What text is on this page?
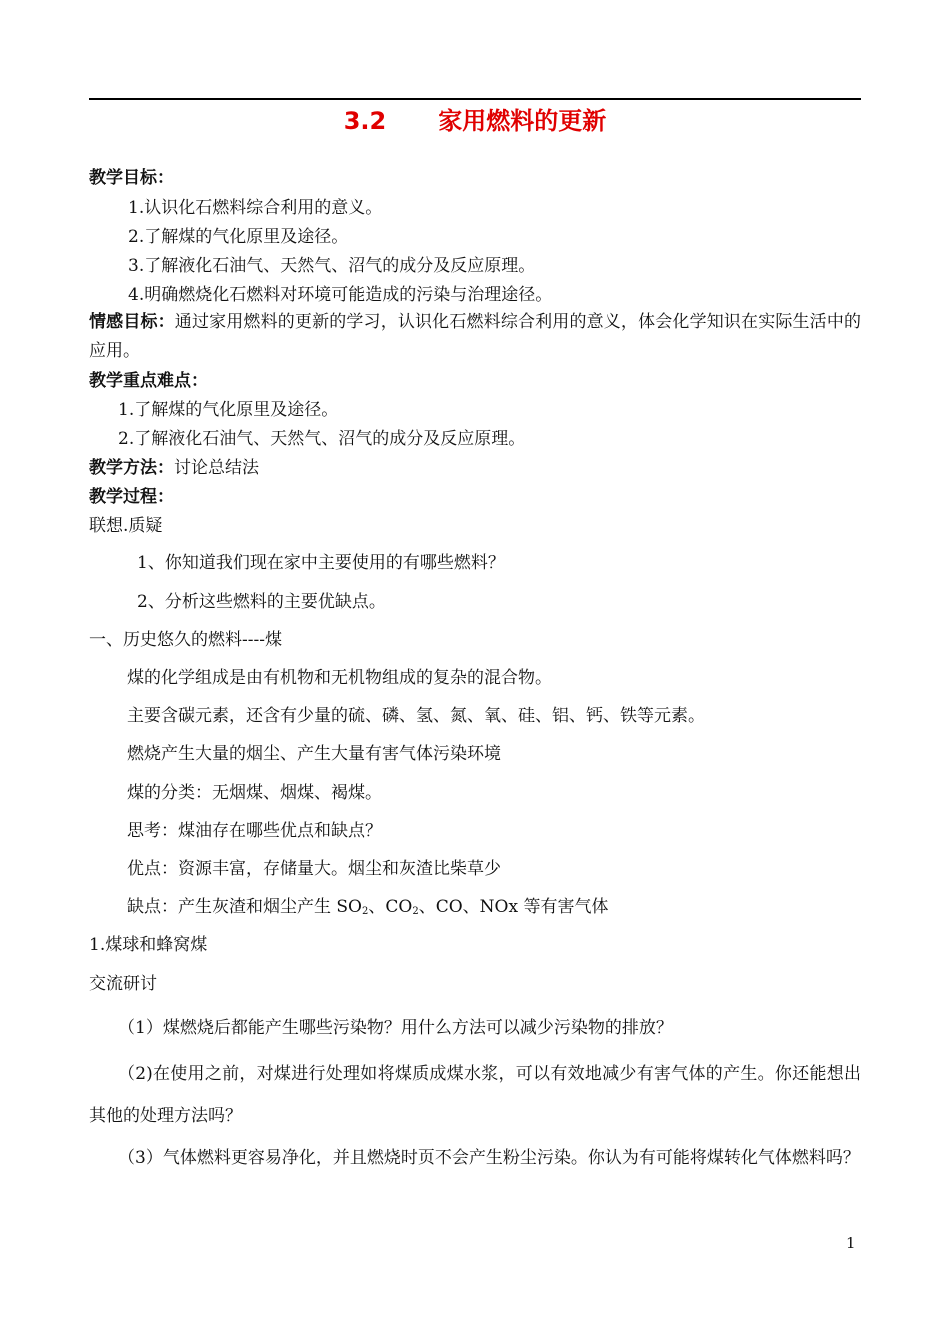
3.2 家用燃料的更新
教学目标：
1.认识化石燃料综合利用的意义。
2.了解煤的气化原里及途径。
3.了解液化石油气、天然气、沼气的成分及反应原理。
4.明确燃烧化石燃料对环境可能造成的污染与治理途径。
情感目标：通过家用燃料的更新的学习，认识化石燃料综合利用的意义，体会化学知识在实际生活中的应用。
教学重点难点：
1.了解煤的气化原里及途径。
2.了解液化石油气、天然气、沼气的成分及反应原理。
教学方法：讨论总结法
教学过程：
联想.质疑
1、你知道我们现在家中主要使用的有哪些燃料？
2、分析这些燃料的主要优缺点。
一、历史悠久的燃料----煤
煤的化学组成是由有机物和无机物组成的复杂的混合物。
主要含碳元素，还含有少量的硫、磷、氢、氮、氧、硅、铝、钙、铁等元素。
燃烧产生大量的烟尘、产生大量有害气体污染环境
煤的分类：无烟煤、烟煤、褐煤。
思考：煤油存在哪些优点和缺点？
优点：资源丰富，存储量大。烟尘和灰渣比柴草少
缺点：产生灰渣和烟尘产生 $SO_2$、$CO_2$、CO、NOx 等有害气体
1.煤球和蜂窝煤
交流研讨
（1）煤燃烧后都能产生哪些污染物？用什么方法可以减少污染物的排放？
（2)在使用之前，对煤进行处理如将煤质成煤水浆，可以有效地减少有害气体的产生。你还能想出其他的处理方法吗？
（3）气体燃料更容易净化，并且燃烧时页不会产生粉尘污染。你认为有可能将煤转化气体燃料吗？
1
